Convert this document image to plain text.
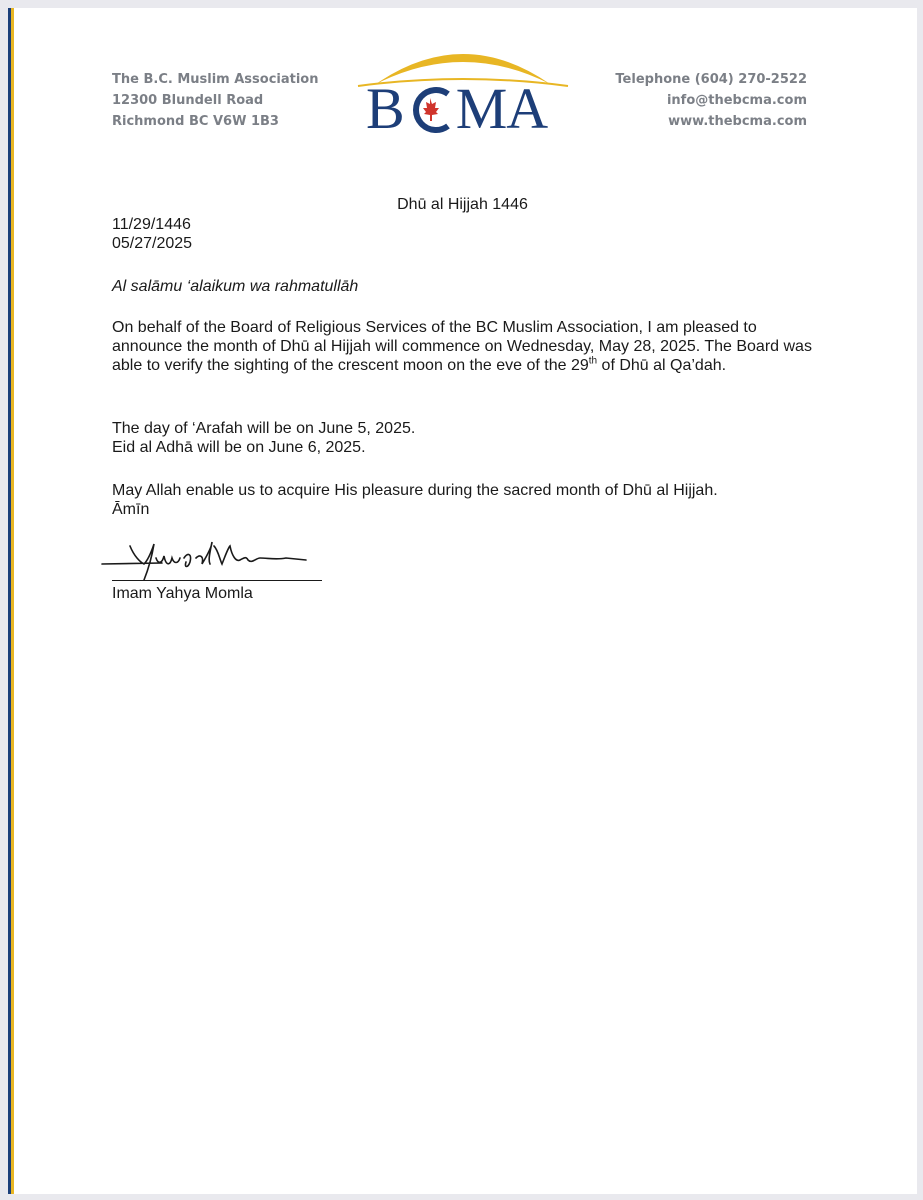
The B.C. Muslim Association
12300 Blundell Road
Richmond BC V6W 1B3	B MA	Telephone (604) 270-2522
info@thebcma.com
www.thebcma.com
Dhū al Hijjah 1446
11/29/1446
05/27/2025
Al salāmu ‘alaikum wa rahmatullāh
On behalf of the Board of Religious Services of the BC Muslim Association, I am pleased to announce the month of Dhū al Hijjah will commence on Wednesday, May 28, 2025. The Board was able to verify the sighting of the crescent moon on the eve of the 29th of Dhū al Qa’dah.
The day of ‘Arafah will be on June 5, 2025.
Eid al Adhā will be on June 6, 2025.
May Allah enable us to acquire His pleasure during the sacred month of Dhū al Hijjah.
Āmīn
Imam Yahya Momla
